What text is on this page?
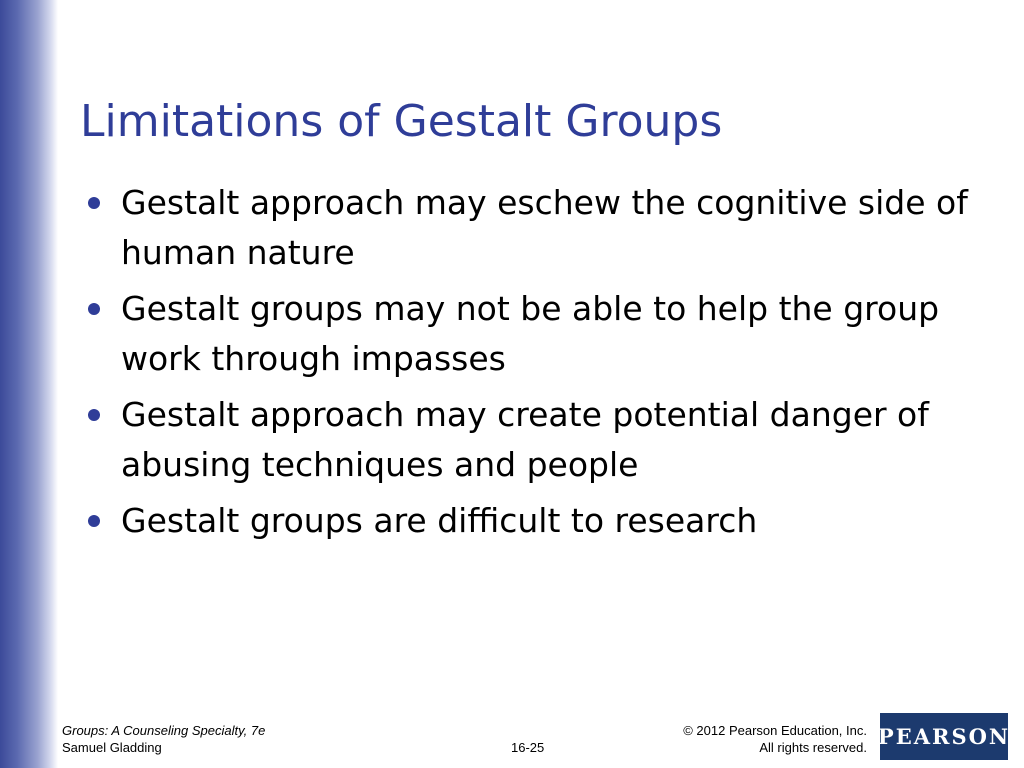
Limitations of Gestalt Groups
Gestalt approach may eschew the cognitive side of human nature
Gestalt groups may not be able to help the group work through impasses
Gestalt approach may create potential danger of abusing techniques and people
Gestalt groups are difficult to research
Groups: A Counseling Specialty, 7e
Samuel Gladding	16-25
© 2012 Pearson Education, Inc.
All rights reserved. PEARSON
